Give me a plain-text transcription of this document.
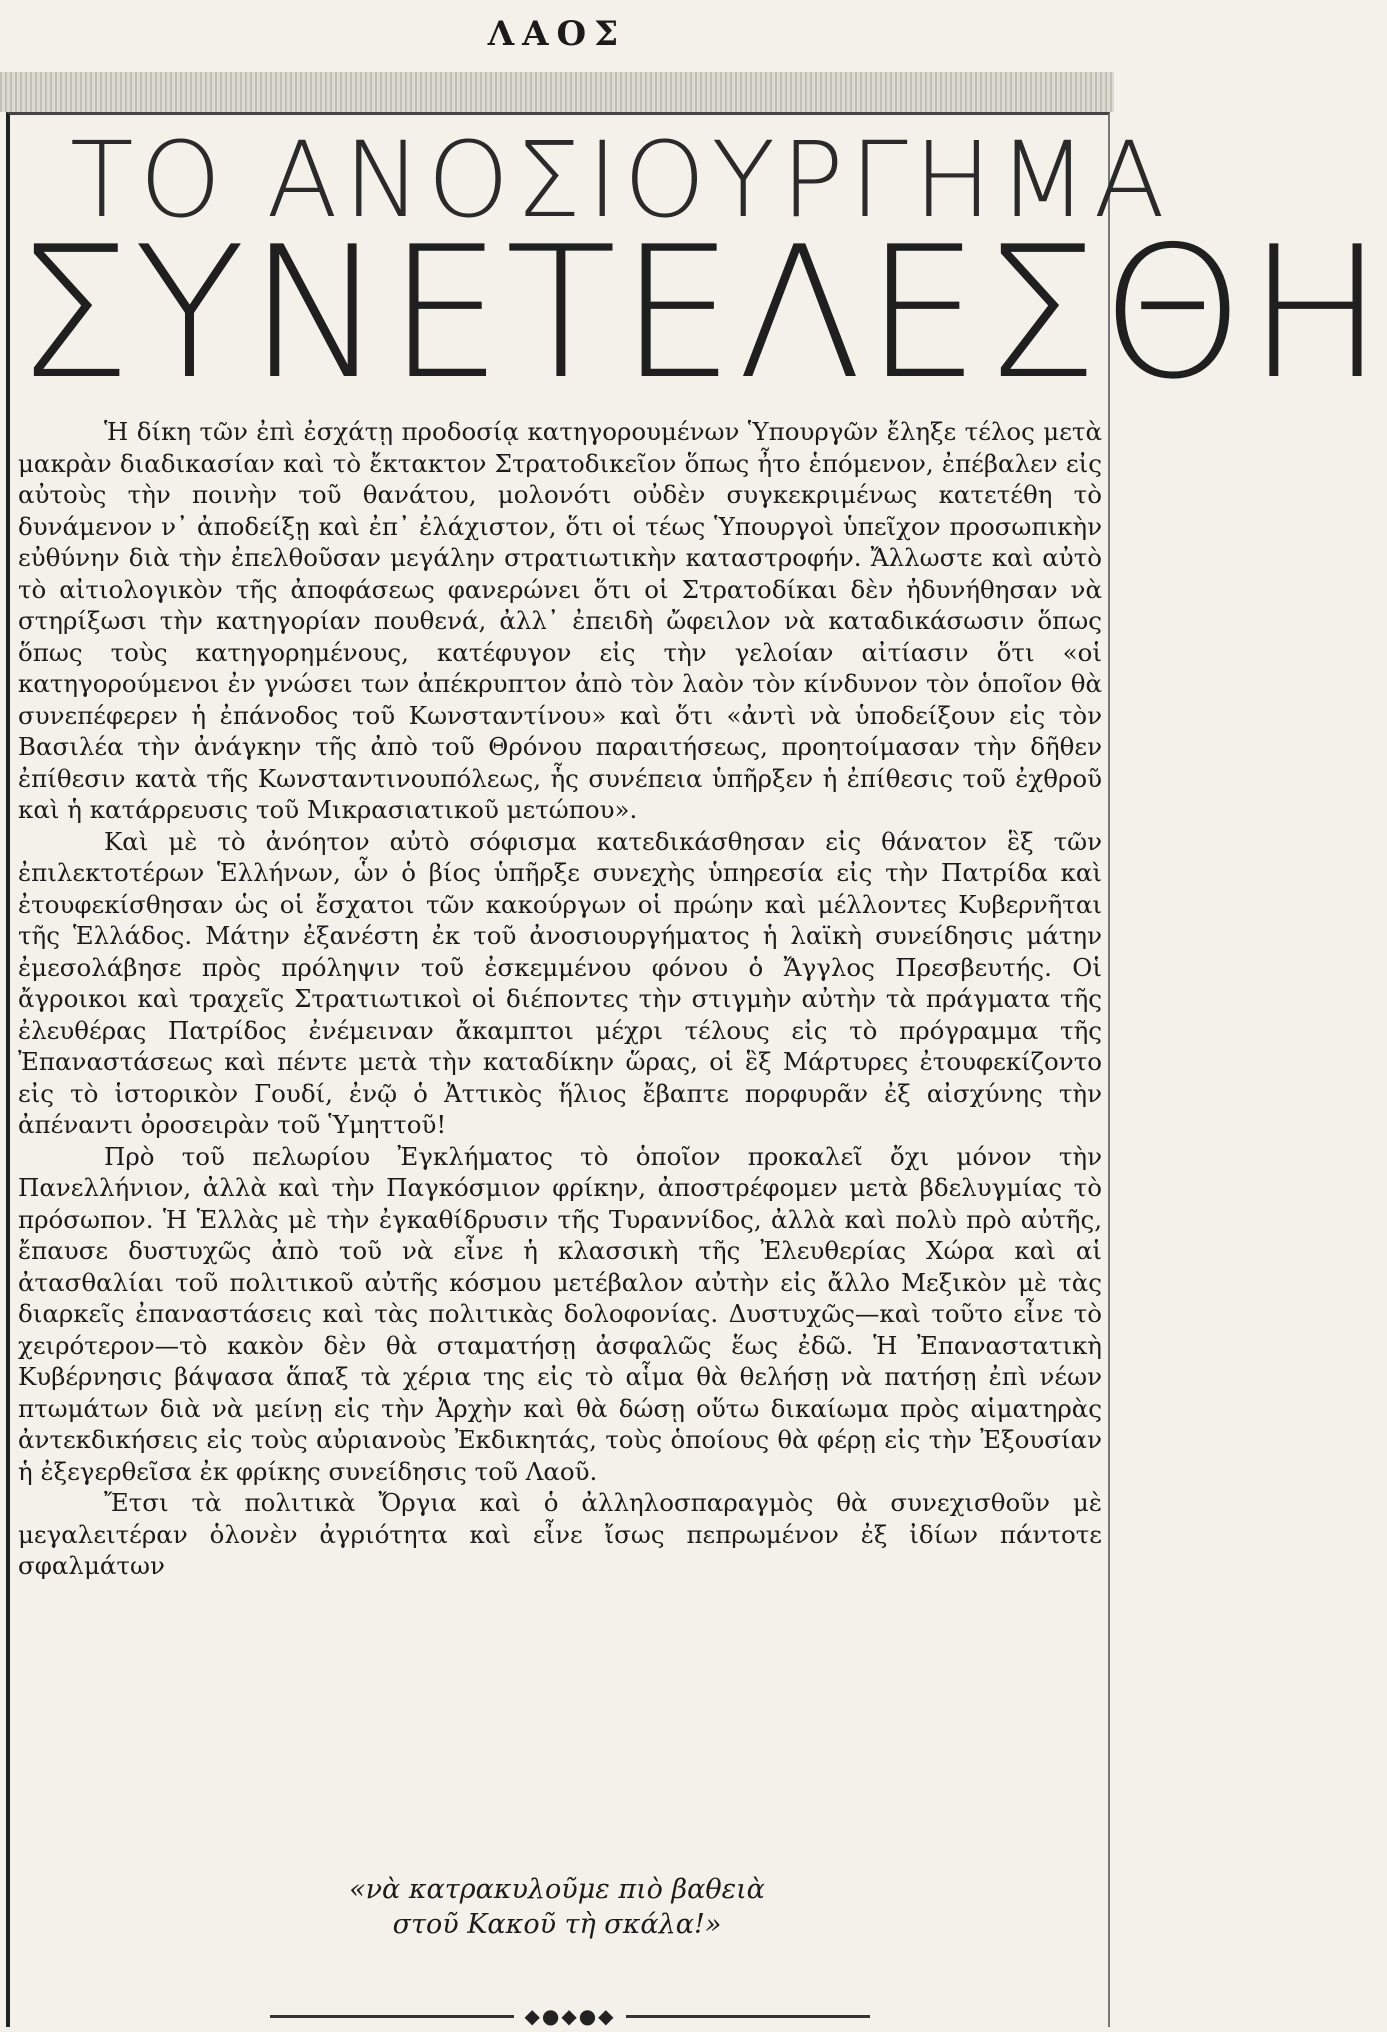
ΛΑΟΣ
ΤΟ ΑΝΟΣΙΟΥΡΓΗΜΑ
ΣΥΝΕΤΕΛΕΣΘΗ

Ἡ δίκη τῶν ἐπὶ ἐσχάτῃ προδοσίᾳ κατηγορουμένων Ὑπουργῶν ἔληξε τέλος μετὰ μακρὰν διαδικασίαν καὶ τὸ ἔκτακτον Στρατοδικεῖον ὅπως ἦτο ἑπόμενον, ἐπέβαλεν εἰς αὐτοὺς τὴν ποινὴν τοῦ θανάτου, μολονότι οὐδὲν συγκεκριμένως κατετέθη τὸ δυνάμενον ν᾽ ἀποδείξῃ καὶ ἐπ᾽ ἐλάχιστον, ὅτι οἱ τέως Ὑπουργοὶ ὑπεῖχον προσωπικὴν εὐθύνην διὰ τὴν ἐπελθοῦσαν μεγάλην στρατιωτικὴν καταστροφήν. Ἄλλωστε καὶ αὐτὸ τὸ αἰτιολογικὸν τῆς ἀποφάσεως φανερώνει ὅτι οἱ Στρατοδίκαι δὲν ἠδυνήθησαν νὰ στηρίξωσι τὴν κατηγορίαν πουθενά, ἀλλ᾽ ἐπειδὴ ὤφειλον νὰ καταδικάσωσιν ὅπως ὅπως τοὺς κατηγορημένους, κατέφυγον εἰς τὴν γελοίαν αἰτίασιν ὅτι «οἱ κατηγορούμενοι ἐν γνώσει των ἀπέκρυπτον ἀπὸ τὸν λαὸν τὸν κίνδυνον τὸν ὁποῖον θὰ συνεπέφερεν ἡ ἐπάνοδος τοῦ Κωνσταντίνου» καὶ ὅτι «ἀντὶ νὰ ὑποδείξουν εἰς τὸν Βασιλέα τὴν ἀνάγκην τῆς ἀπὸ τοῦ Θρόνου παραιτήσεως, προητοίμασαν τὴν δῆθεν ἐπίθεσιν κατὰ τῆς Κωνσταντινουπόλεως, ἧς συνέπεια ὑπῆρξεν ἡ ἐπίθεσις τοῦ ἐχθροῦ καὶ ἡ κατάρρευσις τοῦ Μικρασιατικοῦ μετώπου».

Καὶ μὲ τὸ ἀνόητον αὐτὸ σόφισμα κατεδικάσθησαν εἰς θάνατον ἓξ τῶν ἐπιλεκτοτέρων Ἑλλήνων, ὧν ὁ βίος ὑπῆρξε συνεχὴς ὑπηρεσία εἰς τὴν Πατρίδα καὶ ἐτουφεκίσθησαν ὡς οἱ ἔσχατοι τῶν κακούργων οἱ πρώην καὶ μέλλοντες Κυβερνῆται τῆς Ἑλλάδος. Μάτην ἐξανέστη ἐκ τοῦ ἀνοσιουργήματος ἡ λαϊκὴ συνείδησις μάτην ἐμεσολάβησε πρὸς πρόληψιν τοῦ ἐσκεμμένου φόνου ὁ Ἄγγλος Πρεσβευτής. Οἱ ἄγροικοι καὶ τραχεῖς Στρατιωτικοὶ οἱ διέποντες τὴν στιγμὴν αὐτὴν τὰ πράγματα τῆς ἐλευθέρας Πατρίδος ἐνέμειναν ἄκαμπτοι μέχρι τέλους εἰς τὸ πρόγραμμα τῆς Ἐπαναστάσεως καὶ πέντε μετὰ τὴν καταδίκην ὥρας, οἱ ἓξ Μάρτυρες ἐτουφεκίζοντο εἰς τὸ ἱστορικὸν Γουδί, ἐνῷ ὁ Ἀττικὸς ἥλιος ἔβαπτε πορφυρᾶν ἐξ αἰσχύνης τὴν ἀπέναντι ὀροσειρὰν τοῦ Ὑμηττοῦ!

Πρὸ τοῦ πελωρίου Ἐγκλήματος τὸ ὁποῖον προκαλεῖ ὄχι μόνον τὴν Πανελλήνιον, ἀλλὰ καὶ τὴν Παγκόσμιον φρίκην, ἀποστρέφομεν μετὰ βδελυγμίας τὸ πρόσωπον. Ἡ Ἑλλὰς μὲ τὴν ἐγκαθίδρυσιν τῆς Τυραννίδος, ἀλλὰ καὶ πολὺ πρὸ αὐτῆς, ἔπαυσε δυστυχῶς ἀπὸ τοῦ νὰ εἶνε ἡ κλασσικὴ τῆς Ἐλευθερίας Χώρα καὶ αἱ ἀτασθαλίαι τοῦ πολιτικοῦ αὐτῆς κόσμου μετέβαλον αὐτὴν εἰς ἄλλο Μεξικὸν μὲ τὰς διαρκεῖς ἐπαναστάσεις καὶ τὰς πολιτικὰς δολοφονίας. Δυστυχῶς—καὶ τοῦτο εἶνε τὸ χειρότερον—τὸ κακὸν δὲν θὰ σταματήσῃ ἀσφαλῶς ἕως ἐδῶ. Ἡ Ἐπαναστατικὴ Κυβέρνησις βάψασα ἅπαξ τὰ χέρια της εἰς τὸ αἷμα θὰ θελήσῃ νὰ πατήσῃ ἐπὶ νέων πτωμάτων διὰ νὰ μείνῃ εἰς τὴν Ἀρχὴν καὶ θὰ δώσῃ οὕτω δικαίωμα πρὸς αἱματηρὰς ἀντεκδικήσεις εἰς τοὺς αὐριανοὺς Ἐκδικητάς, τοὺς ὁποίους θὰ φέρῃ εἰς τὴν Ἐξουσίαν ἡ ἐξεγερθεῖσα ἐκ φρίκης συνείδησις τοῦ Λαοῦ.

Ἔτσι τὰ πολιτικὰ Ὄργια καὶ ὁ ἀλληλοσπαραγμὸς θὰ συνεχισθοῦν μὲ μεγαλειτέραν ὁλονὲν ἀγριότητα καὶ εἶνε ἴσως πεπρωμένον ἐξ ἰδίων πάντοτε σφαλμάτων

«νὰ κατρακυλοῦμε πιὸ βαθειὰ
στοῦ Κακοῦ τὴ σκάλα!»
◆●◆●◆
